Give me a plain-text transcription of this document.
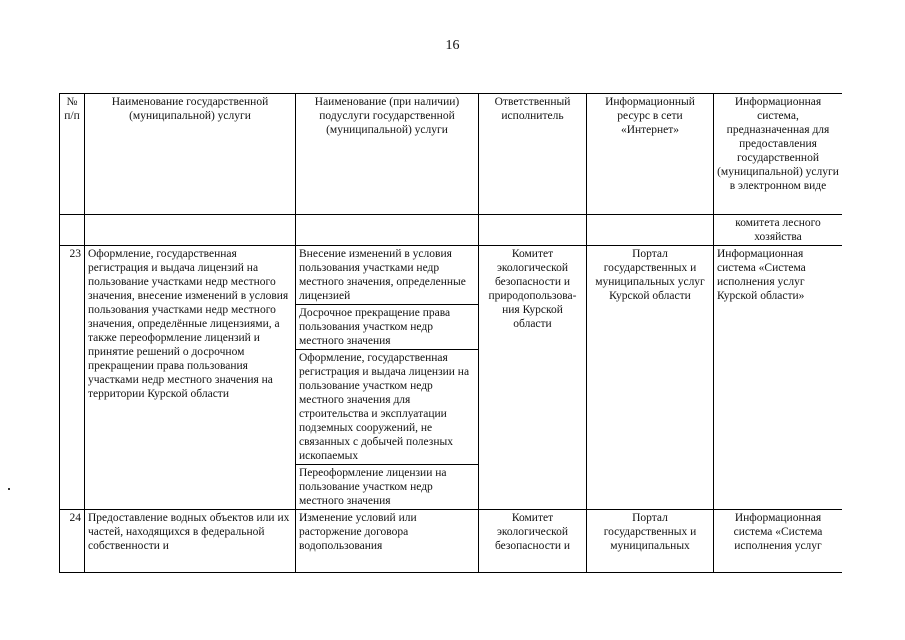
16
№ п/п	Наименование государственной (муниципальной) услуги	Наименование (при наличии) подуслуги государственной (муниципальной) услуги	Ответственный исполнитель	Информационный ресурс в сети «Интернет»	Информационная система, предназначенная для предоставления государственной (муниципальной) услуги в электронном виде
					комитета лесного хозяйства
23	Оформление, государственная регистрация и выдача лицензий на пользование участками недр местного значения, внесение изменений в условия пользования участками недр местного значения, определённые лицензиями, а также переоформление лицензий и принятие решений о досрочном прекращении права пользования участками недр местного значения на территории Курской области	Внесение изменений в условия пользования участками недр местного значения, определенные лицензией	Комитет экологической безопасности и природопользова-ния Курской области	Портал государственных и муниципальных услуг Курской области	Информационная система «Система исполнения услуг Курской области»
		Досрочное прекращение права пользования участком недр местного значения			
		Оформление, государственная регистрация и выдача лицензии на пользование участком недр местного значения для строительства и эксплуатации подземных сооружений, не связанных с добычей полезных ископаемых			
		Переоформление лицензии на пользование участком недр местного значения			
24	Предоставление водных объектов или их частей, находящихся в федеральной собственности и	Изменение условий или расторжение договора водопользования	Комитет экологической безопасности и	Портал государственных и муниципальных	Информационная система «Система исполнения услуг
